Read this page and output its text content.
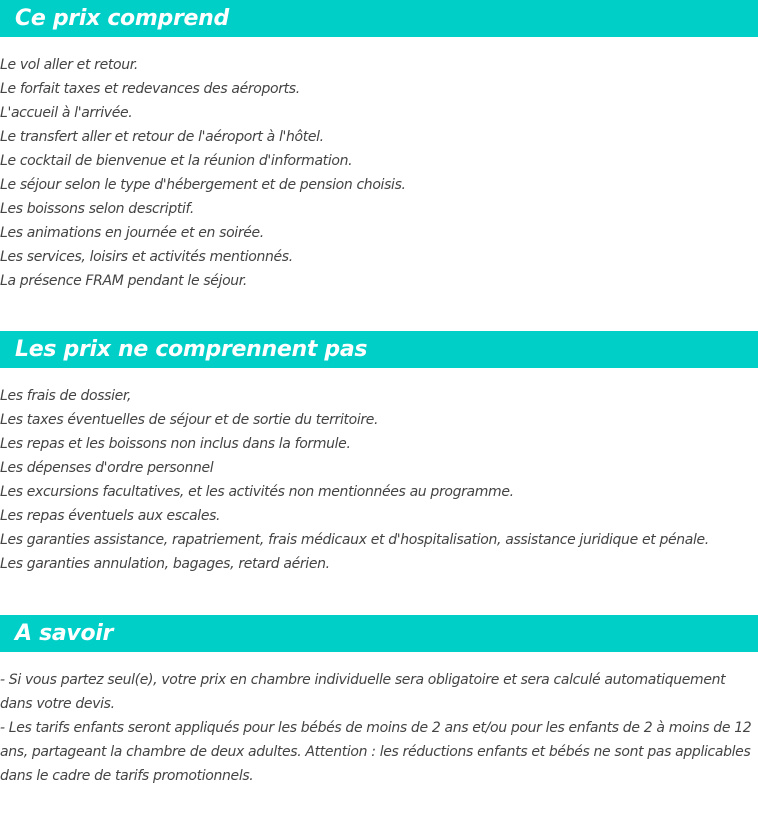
Ce prix comprend
Le vol aller et retour.
Le forfait taxes et redevances des aéroports.
L'accueil à l'arrivée.
Le transfert aller et retour de l'aéroport à l'hôtel.
Le cocktail de bienvenue et la réunion d'information.
Le séjour selon le type d'hébergement et de pension choisis.
Les boissons selon descriptif.
Les animations en journée et en soirée.
Les services, loisirs et activités mentionnés.
La présence FRAM pendant le séjour.
Les prix ne comprennent pas
Les frais de dossier,
Les taxes éventuelles de séjour et de sortie du territoire.
Les repas et les boissons non inclus dans la formule.
Les dépenses d'ordre personnel
Les excursions facultatives, et les activités non mentionnées au programme.
Les repas éventuels aux escales.
Les garanties assistance, rapatriement, frais médicaux et d'hospitalisation, assistance juridique et pénale.
Les garanties annulation, bagages, retard aérien.
A savoir

- Si vous partez seul(e), votre prix en chambre individuelle sera obligatoire et sera calculé automatiquement dans votre devis.

- Les tarifs enfants seront appliqués pour les bébés de moins de 2 ans et/ou pour les enfants de 2 à moins de 12 ans, partageant la chambre de deux adultes. Attention : les réductions enfants et bébés ne sont pas applicables dans le cadre de tarifs promotionnels.
